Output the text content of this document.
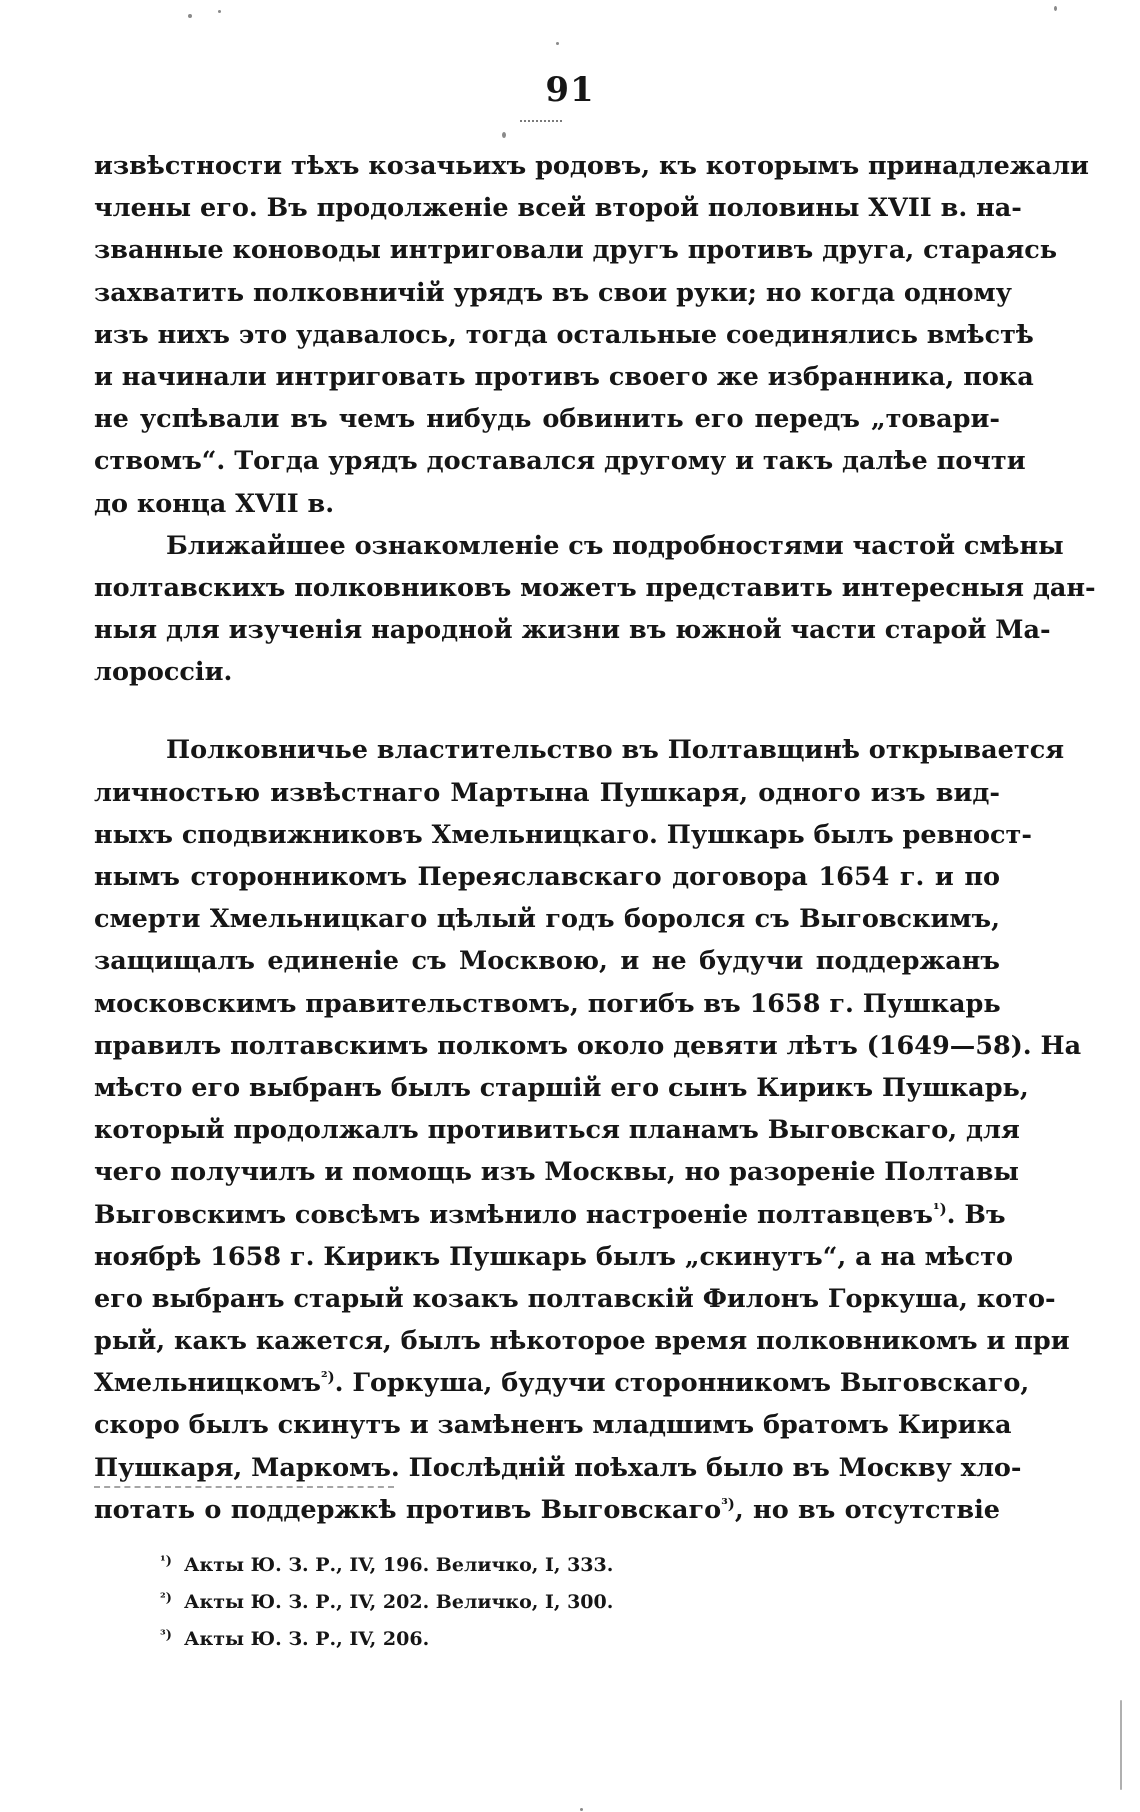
91
извѣстности тѣхъ козачьихъ родовъ, къ которымъ принадлежали
члены его. Въ продолженіе всей второй половины XVII в. на-
званные коноводы интриговали другъ противъ друга, стараясь
захватить полковничій урядъ въ свои руки; но когда одному
изъ нихъ это удавалось, тогда остальные соединялись вмѣстѣ
и начинали интриговать противъ своего же избранника, пока
не успѣвали въ чемъ нибудь обвинить его передъ „товари-
ствомъ“. Тогда урядъ доставался другому и такъ далѣе почти
до конца XVII в.
Ближайшее ознакомленіе съ подробностями частой смѣны
полтавскихъ полковниковъ можетъ представить интересныя дан-
ныя для изученія народной жизни въ южной части старой Ма-
лороссіи.
Полковничье властительство въ Полтавщинѣ открывается
личностью извѣстнаго Мартына Пушкаря, одного изъ вид-
ныхъ сподвижниковъ Хмельницкаго. Пушкарь былъ ревност-
нымъ сторонникомъ Переяславскаго договора 1654 г. и по
смерти Хмельницкаго цѣлый годъ боролся съ Выговскимъ,
защищалъ единеніе съ Москвою, и не будучи поддержанъ
московскимъ правительствомъ, погибъ въ 1658 г. Пушкарь
правилъ полтавскимъ полкомъ около девяти лѣтъ (1649—58). На
мѣсто его выбранъ былъ старшій его сынъ Кирикъ Пушкарь,
который продолжалъ противиться планамъ Выговскаго, для
чего получилъ и помощь изъ Москвы, но разореніе Полтавы
Выговскимъ совсѣмъ измѣнило настроеніе полтавцевъ$^{^1)}$. Въ
ноябрѣ 1658 г. Кирикъ Пушкарь былъ „скинутъ“, а на мѣсто
его выбранъ старый козакъ полтавскій Филонъ Горкуша, кото-
рый, какъ кажется, былъ нѣкоторое время полковникомъ и при
Хмельницкомъ$^{^2)}$. Горкуша, будучи сторонникомъ Выговскаго,
скоро былъ скинутъ и замѣненъ младшимъ братомъ Кирика
Пушкаря, Маркомъ. Послѣдній поѣхалъ было въ Москву хло-
потать о поддержкѣ противъ Выговскаго$^{^3)}$, но въ отсутствіе
¹) Акты Ю. З. Р., IV, 196. Величко, I, 333.
²) Акты Ю. З. Р., IV, 202. Величко, I, 300.
³) Акты Ю. З. Р., IV, 206.
